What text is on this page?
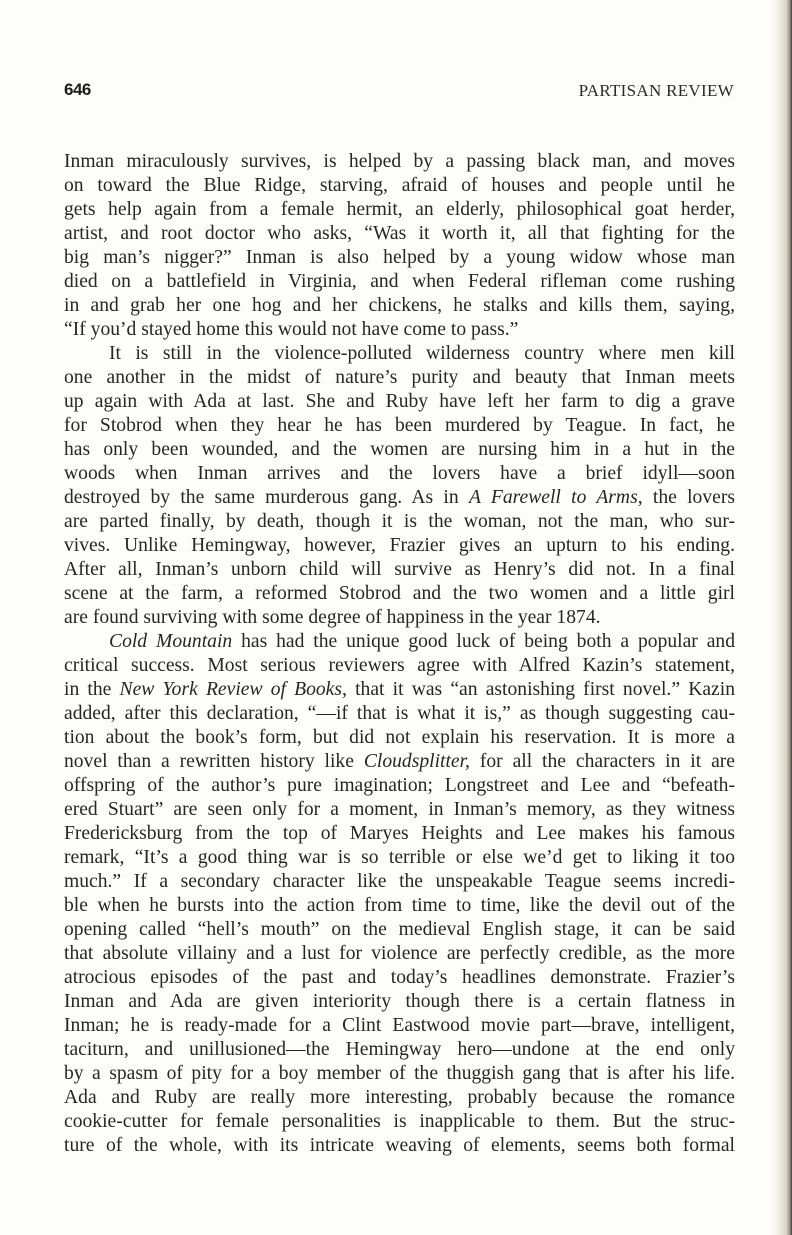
646	PARTISAN REVIEW
Inman miraculously survives, is helped by a passing black man, and moves
on toward the Blue Ridge, starving, afraid of houses and people until he
gets help again from a female hermit, an elderly, philosophical goat herder,
artist, and root doctor who asks, “Was it worth it, all that fighting for the
big man’s nigger?” Inman is also helped by a young widow whose man
died on a battlefield in Virginia, and when Federal rifleman come rushing
in and grab her one hog and her chickens, he stalks and kills them, saying,
“If you’d stayed home this would not have come to pass.”
It is still in the violence-polluted wilderness country where men kill
one another in the midst of nature’s purity and beauty that Inman meets
up again with Ada at last. She and Ruby have left her farm to dig a grave
for Stobrod when they hear he has been murdered by Teague. In fact, he
has only been wounded, and the women are nursing him in a hut in the
woods when Inman arrives and the lovers have a brief idyll—soon
destroyed by the same murderous gang. As in A Farewell to Arms, the lovers
are parted finally, by death, though it is the woman, not the man, who sur-
vives. Unlike Hemingway, however, Frazier gives an upturn to his ending.
After all, Inman’s unborn child will survive as Henry’s did not. In a final
scene at the farm, a reformed Stobrod and the two women and a little girl
are found surviving with some degree of happiness in the year 1874.
Cold Mountain has had the unique good luck of being both a popular and
critical success. Most serious reviewers agree with Alfred Kazin’s statement,
in the New York Review of Books, that it was “an astonishing first novel.” Kazin
added, after this declaration, “—if that is what it is,” as though suggesting cau-
tion about the book’s form, but did not explain his reservation. It is more a
novel than a rewritten history like Cloudsplitter, for all the characters in it are
offspring of the author’s pure imagination; Longstreet and Lee and “befeath-
ered Stuart” are seen only for a moment, in Inman’s memory, as they witness
Fredericksburg from the top of Maryes Heights and Lee makes his famous
remark, “It’s a good thing war is so terrible or else we’d get to liking it too
much.” If a secondary character like the unspeakable Teague seems incredi-
ble when he bursts into the action from time to time, like the devil out of the
opening called “hell’s mouth” on the medieval English stage, it can be said
that absolute villainy and a lust for violence are perfectly credible, as the more
atrocious episodes of the past and today’s headlines demonstrate. Frazier’s
Inman and Ada are given interiority though there is a certain flatness in
Inman; he is ready-made for a Clint Eastwood movie part—brave, intelligent,
taciturn, and unillusioned—the Hemingway hero—undone at the end only
by a spasm of pity for a boy member of the thuggish gang that is after his life.
Ada and Ruby are really more interesting, probably because the romance
cookie-cutter for female personalities is inapplicable to them. But the struc-
ture of the whole, with its intricate weaving of elements, seems both formal
